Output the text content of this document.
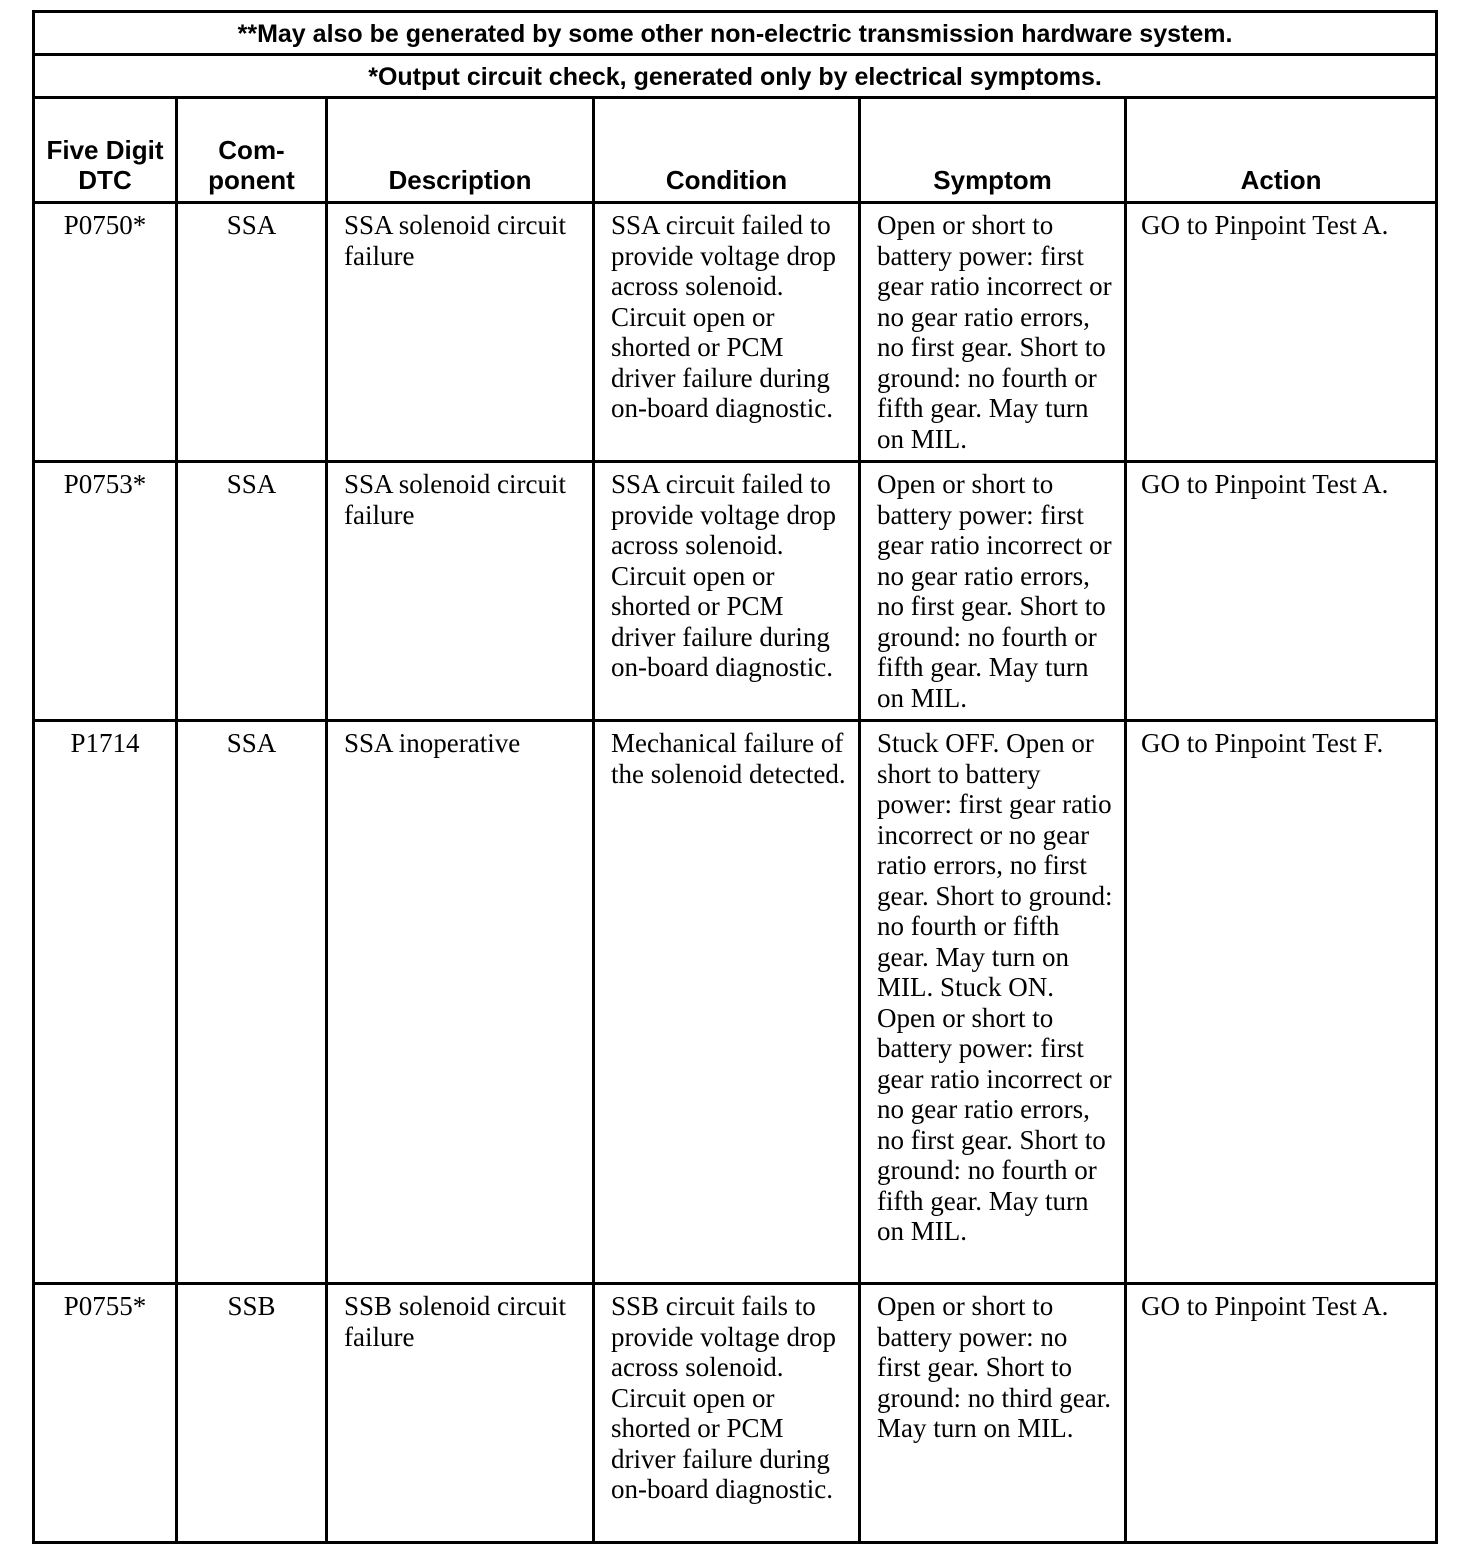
**May also be generated by some other non-electric transmission hardware system.					
*Output circuit check, generated only by electrical symptoms.					
Five Digit DTC	Com-ponent	Description	Condition	Symptom	Action
P0750*	SSA	SSA solenoid circuit failure	SSA circuit failed to provide voltage drop across solenoid. Circuit open or shorted or PCM driver failure during on-board diagnostic.	Open or short to battery power: first gear ratio incorrect or no gear ratio errors, no first gear. Short to ground: no fourth or fifth gear. May turn on MIL.	GO to Pinpoint Test A.
P0753*	SSA	SSA solenoid circuit failure	SSA circuit failed to provide voltage drop across solenoid. Circuit open or shorted or PCM driver failure during on-board diagnostic.	Open or short to battery power: first gear ratio incorrect or no gear ratio errors, no first gear. Short to ground: no fourth or fifth gear. May turn on MIL.	GO to Pinpoint Test A.
P1714	SSA	SSA inoperative	Mechanical failure of the solenoid detected.	Stuck OFF. Open or short to battery power: first gear ratio incorrect or no gear ratio errors, no first gear. Short to ground: no fourth or fifth gear. May turn on MIL. Stuck ON. Open or short to battery power: first gear ratio incorrect or no gear ratio errors, no first gear. Short to ground: no fourth or fifth gear. May turn on MIL.	GO to Pinpoint Test F.
P0755*	SSB	SSB solenoid circuit failure	SSB circuit fails to provide voltage drop across solenoid. Circuit open or shorted or PCM driver failure during on-board diagnostic.	Open or short to battery power: no first gear. Short to ground: no third gear. May turn on MIL.	GO to Pinpoint Test A.
